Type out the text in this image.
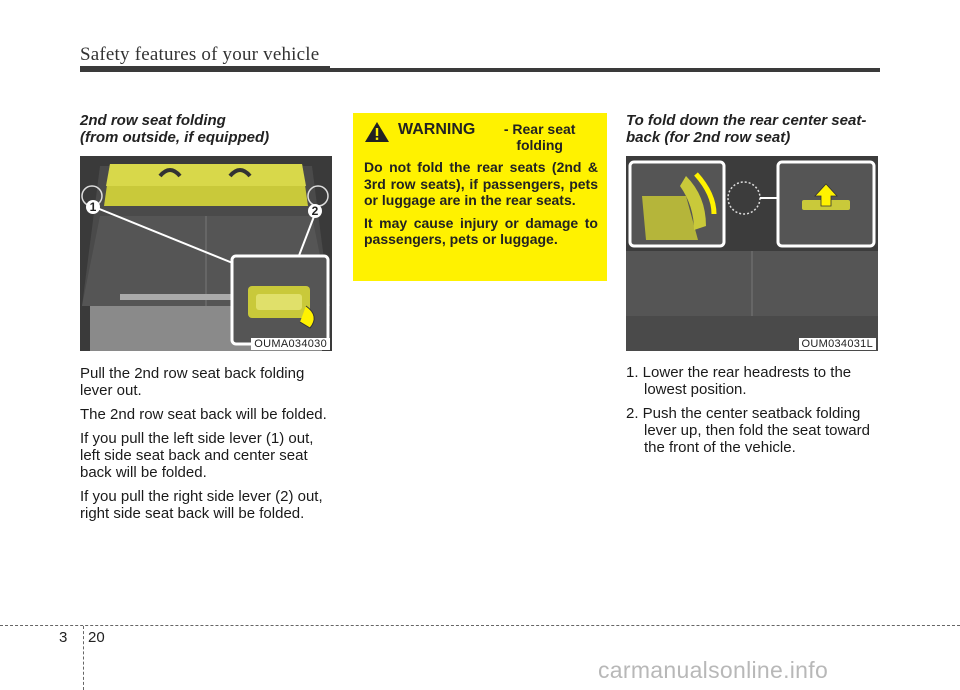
Safety features of your vehicle
2nd row seat folding
(from outside, if equipped)
1	2
OUMA034030

Pull the 2nd row seat back folding lever out.

The 2nd row seat back will be folded.

If you pull the left side lever (1) out, left side seat back and center seat back will be folded.

If you pull the right side lever (2) out, right side seat back will be folded.

WARNING	- Rear seat folding

Do not fold the rear seats (2nd & 3rd row seats), if passengers, pets or luggage are in the rear seats.

It may cause injury or damage to passengers, pets or luggage.

To fold down the rear center seat-back (for 2nd row seat)
OUM034031L
1. Lower the rear headrests to the lowest position.
2. Push the center seatback folding lever up, then fold the seat toward the front of the vehicle.
3 20
carmanualsonline.info
